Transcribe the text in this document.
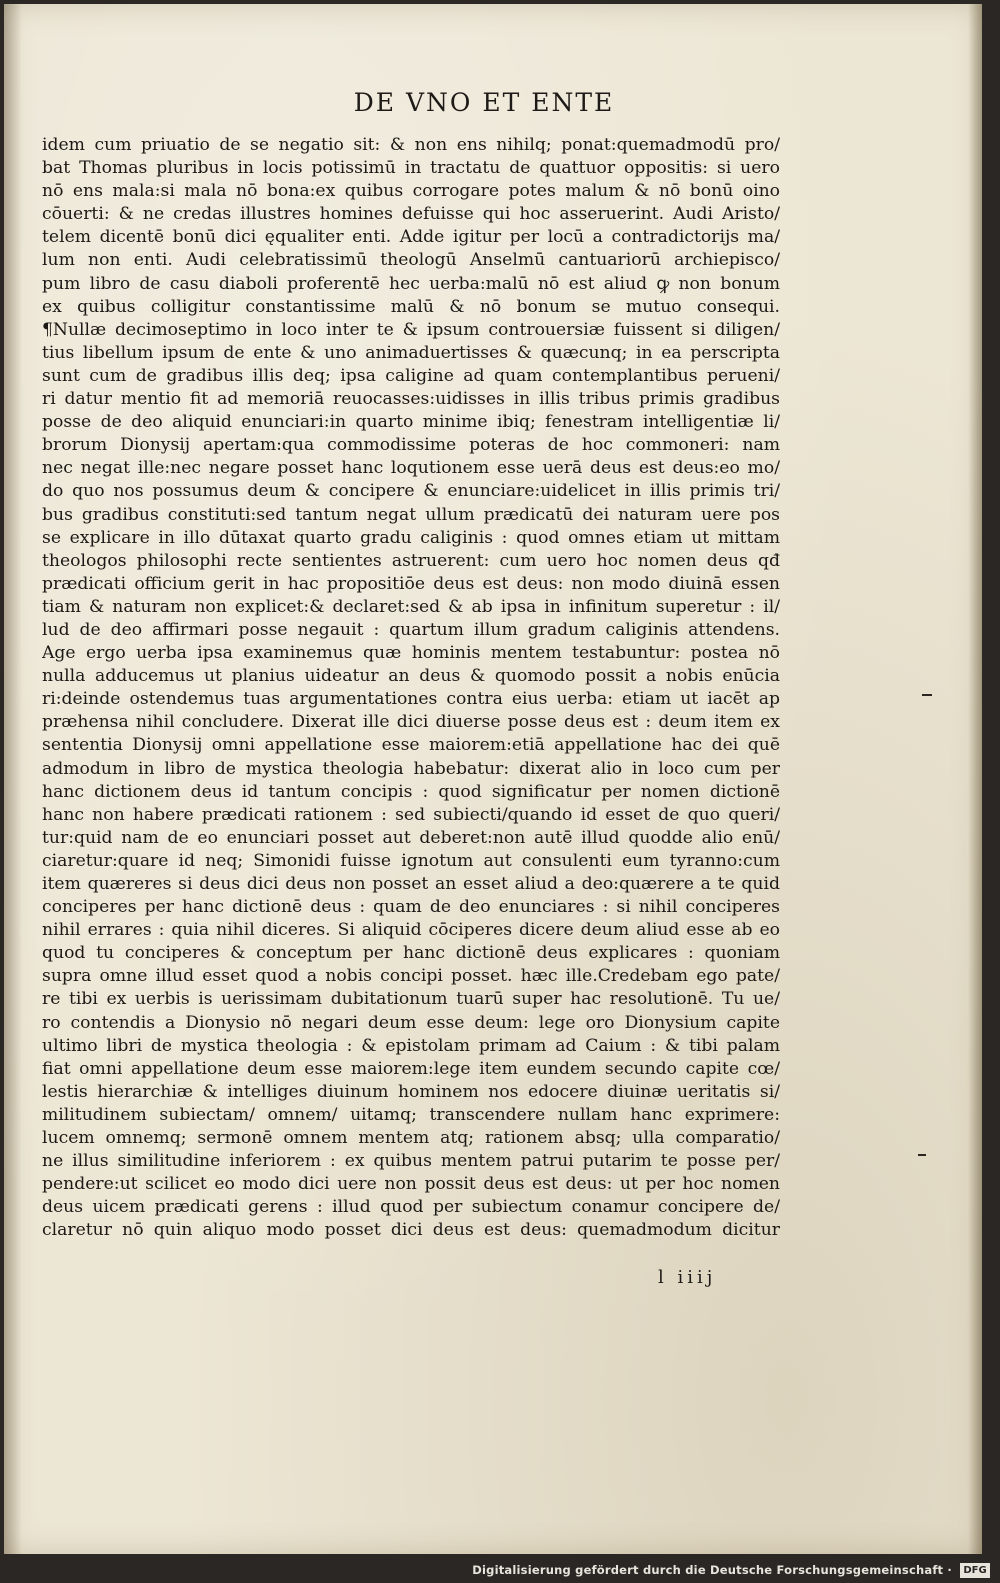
DE VNO ET ENTE
idem cum priuatio de se negatio sit: & non ens nihilq; ponat:quemadmodū pro/
bat Thomas pluribus in locis potissimū in tractatu de quattuor oppositis: si uero
nō ens mala:si mala nō bona:ex quibus corrogare potes malum & nō bonū oino
cōuerti: & ne credas illustres homines defuisse qui hoc asseruerint. Audi Aristo/
telem dicentē bonū dici ęqualiter enti. Adde igitur per locū a contradictorijs ma/
lum non enti. Audi celebratissimū theologū Anselmū cantuariorū archiepisco/
pum libro de casu diaboli proferentē hec uerba:malū nō est aliud ꝙ non bonum
ex quibus colligitur constantissime malū & nō bonum se mutuo consequi.
¶Nullæ decimoseptimo in loco inter te & ipsum controuersiæ fuissent si diligen/
tius libellum ipsum de ente & uno animaduertisses & quæcunq; in ea perscripta
sunt cum de gradibus illis deq; ipsa caligine ad quam contemplantibus perueni/
ri datur mentio fit ad memoriā reuocasses:uidisses in illis tribus primis gradibus
posse de deo aliquid enunciari:in quarto minime ibiq; fenestram intelligentiæ li/
brorum Dionysij apertam:qua commodissime poteras de hoc commoneri: nam
nec negat ille:nec negare posset hanc loqutionem esse uerā deus est deus:eo mo/
do quo nos possumus deum & concipere & enunciare:uidelicet in illis primis tri/
bus gradibus constituti:sed tantum negat ullum prædicatū dei naturam uere pos
se explicare in illo dūtaxat quarto gradu caliginis : quod omnes etiam ut mittam
theologos philosophi recte sentientes astruerent: cum uero hoc nomen deus qđ
prædicati officium gerit in hac propositiōe deus est deus: non modo diuinā essen
tiam & naturam non explicet:& declaret:sed & ab ipsa in infinitum superetur : il/
lud de deo affirmari posse negauit : quartum illum gradum caliginis attendens.
Age ergo uerba ipsa examinemus quæ hominis mentem testabuntur: postea nō
nulla adducemus ut planius uideatur an deus & quomodo possit a nobis enūcia
ri:deinde ostendemus tuas argumentationes contra eius uerba: etiam ut iacēt ap
præhensa nihil concludere. Dixerat ille dici diuerse posse deus est : deum item ex
sententia Dionysij omni appellatione esse maiorem:etiā appellatione hac dei quē
admodum in libro de mystica theologia habebatur: dixerat alio in loco cum per
hanc dictionem deus id tantum concipis : quod significatur per nomen dictionē
hanc non habere prædicati rationem : sed subiecti/quando id esset de quo queri/
tur:quid nam de eo enunciari posset aut deberet:non autē illud quodde alio enū/
ciaretur:quare id neq; Simonidi fuisse ignotum aut consulenti eum tyranno:cum
item quæreres si deus dici deus non posset an esset aliud a deo:quærere a te quid
conciperes per hanc dictionē deus : quam de deo enunciares : si nihil conciperes
nihil errares : quia nihil diceres. Si aliquid cōciperes dicere deum aliud esse ab eo
quod tu conciperes & conceptum per hanc dictionē deus explicares : quoniam
supra omne illud esset quod a nobis concipi posset. hæc ille.Credebam ego pate/
re tibi ex uerbis is uerissimam dubitationum tuarū super hac resolutionē. Tu ue/
ro contendis a Dionysio nō negari deum esse deum: lege oro Dionysium capite
ultimo libri de mystica theologia : & epistolam primam ad Caium : & tibi palam
fiat omni appellatione deum esse maiorem:lege item eundem secundo capite cœ/
lestis hierarchiæ & intelliges diuinum hominem nos edocere diuinæ ueritatis si/
militudinem subiectam/ omnem/ uitamq; transcendere nullam hanc exprimere:
lucem omnemq; sermonē omnem mentem atq; rationem absq; ulla comparatio/
ne illus similitudine inferiorem : ex quibus mentem patrui putarim te posse per/
pendere:ut scilicet eo modo dici uere non possit deus est deus: ut per hoc nomen
deus uicem prædicati gerens : illud quod per subiectum conamur concipere de/
claretur nō quin aliquo modo posset dici deus est deus: quemadmodum dicitur
l iiij
Digitalisierung gefördert durch die Deutsche Forschungsgemeinschaft ·	DFG
